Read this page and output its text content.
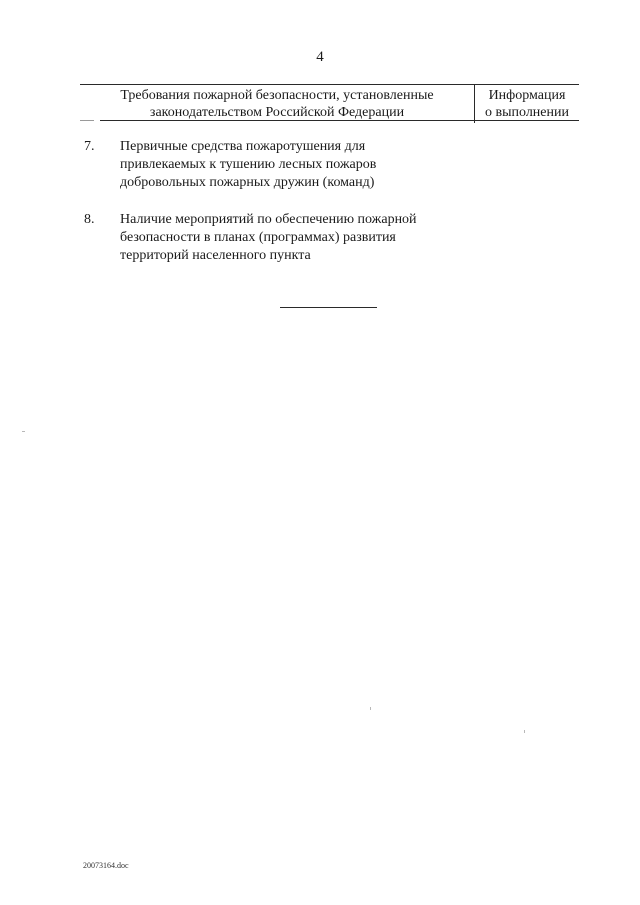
4
Требования пожарной безопасности, установленные
законодательством Российской Федерации
Информация
о выполнении
7. Первичные средства пожаротушения для
привлекаемых к тушению лесных пожаров
добровольных пожарных дружин (команд)
8. Наличие мероприятий по обеспечению пожарной
безопасности в планах (программах) развития
территорий населенного пункта
20073164.doc
